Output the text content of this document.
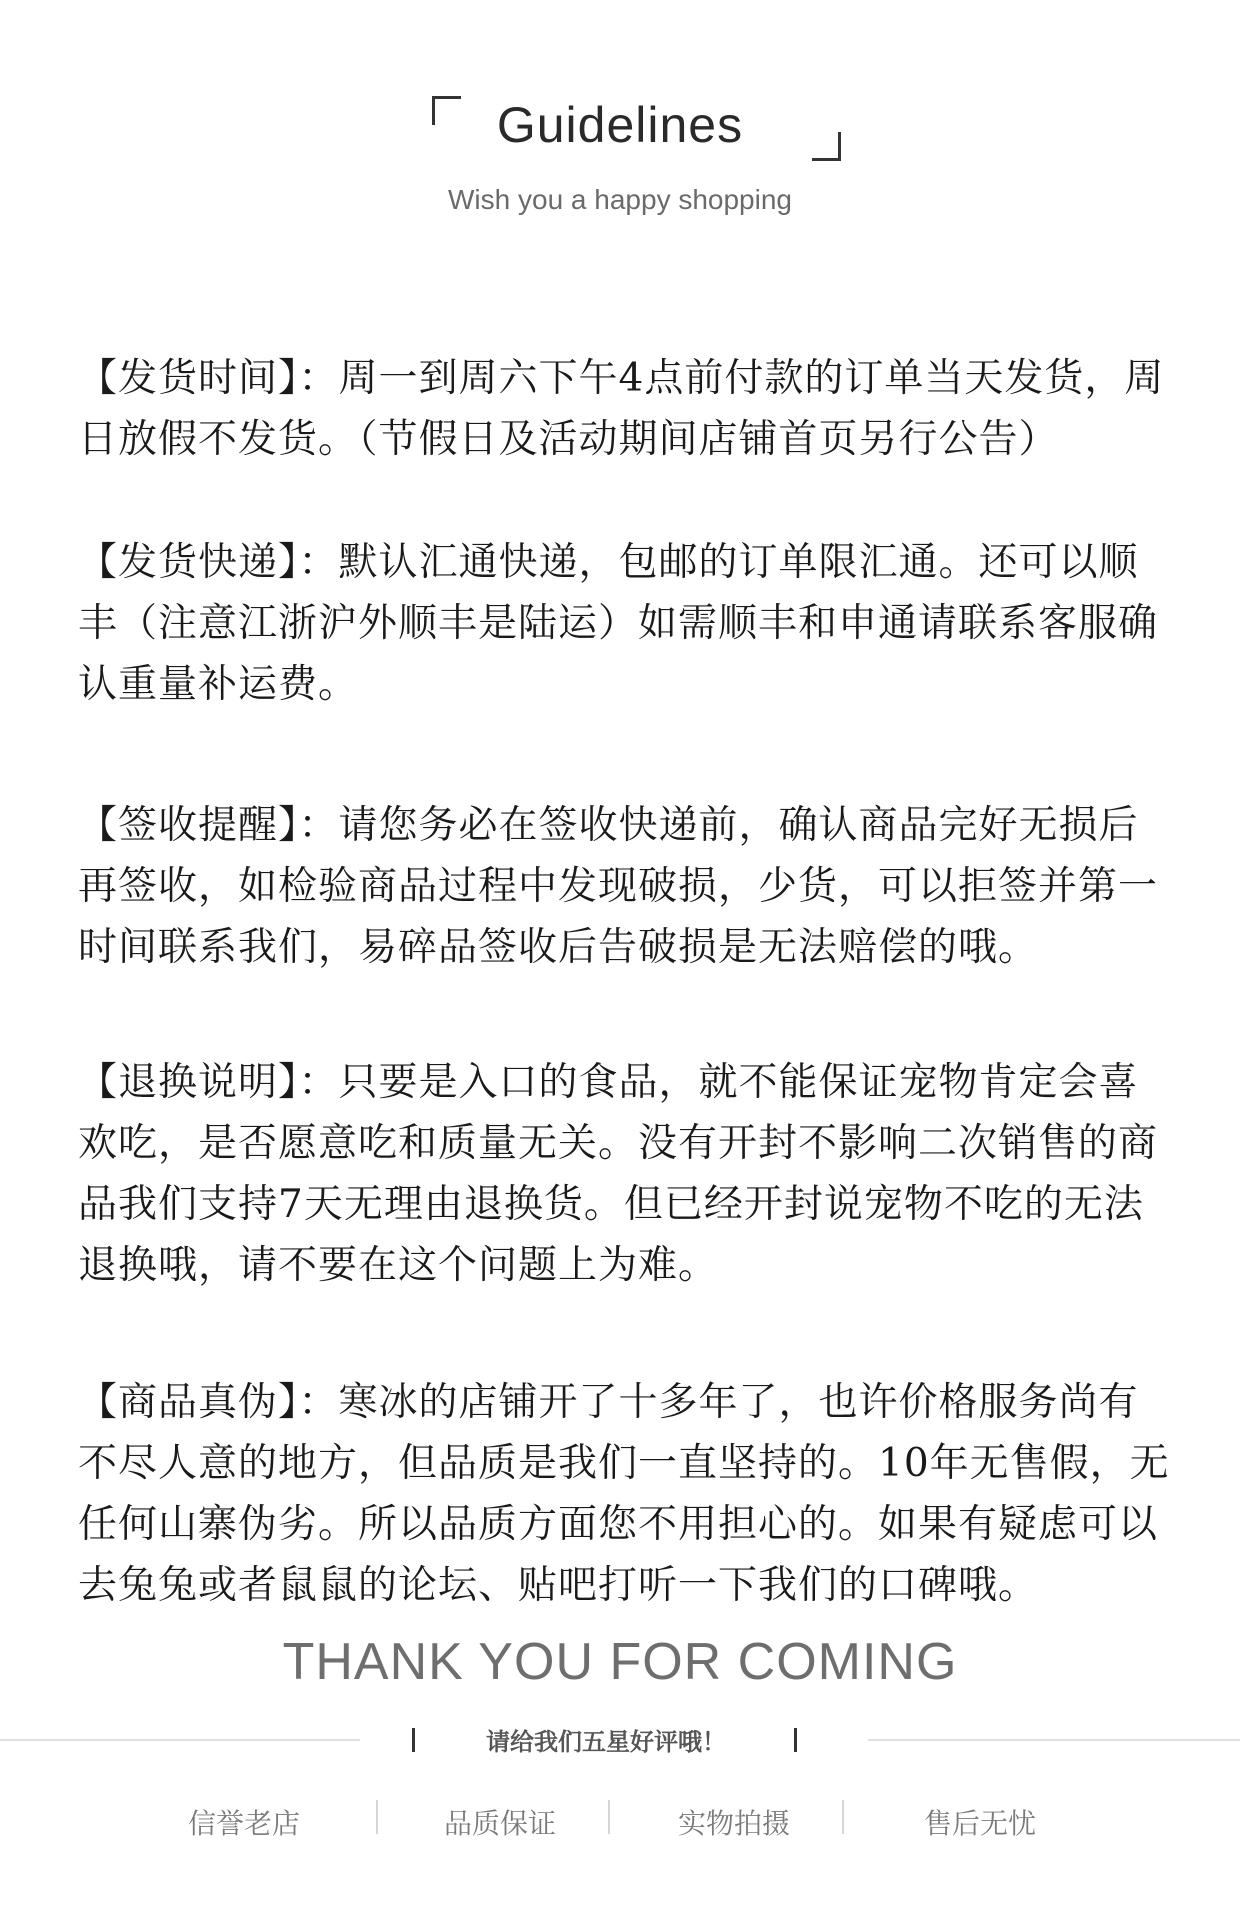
Guidelines
Wish you a happy shopping

【发货时间】：周一到周六下午4点前付款的订单当天发货，周日放假不发货。（节假日及活动期间店铺首页另行公告）

【发货快递】：默认汇通快递，包邮的订单限汇通。还可以顺丰（注意江浙沪外顺丰是陆运）如需顺丰和申通请联系客服确认重量补运费。

【签收提醒】：请您务必在签收快递前，确认商品完好无损后再签收，如检验商品过程中发现破损，少货，可以拒签并第一时间联系我们，易碎品签收后告破损是无法赔偿的哦。

【退换说明】：只要是入口的食品，就不能保证宠物肯定会喜欢吃，是否愿意吃和质量无关。没有开封不影响二次销售的商品我们支持7天无理由退换货。但已经开封说宠物不吃的无法退换哦，请不要在这个问题上为难。

【商品真伪】：寒冰的店铺开了十多年了，也许价格服务尚有不尽人意的地方，但品质是我们一直坚持的。10年无售假，无任何山寨伪劣。所以品质方面您不用担心的。如果有疑虑可以去兔兔或者鼠鼠的论坛、贴吧打听一下我们的口碑哦。

THANK YOU FOR COMING
请给我们五星好评哦！
信誉老店	品质保证	实物拍摄	售后无忧
